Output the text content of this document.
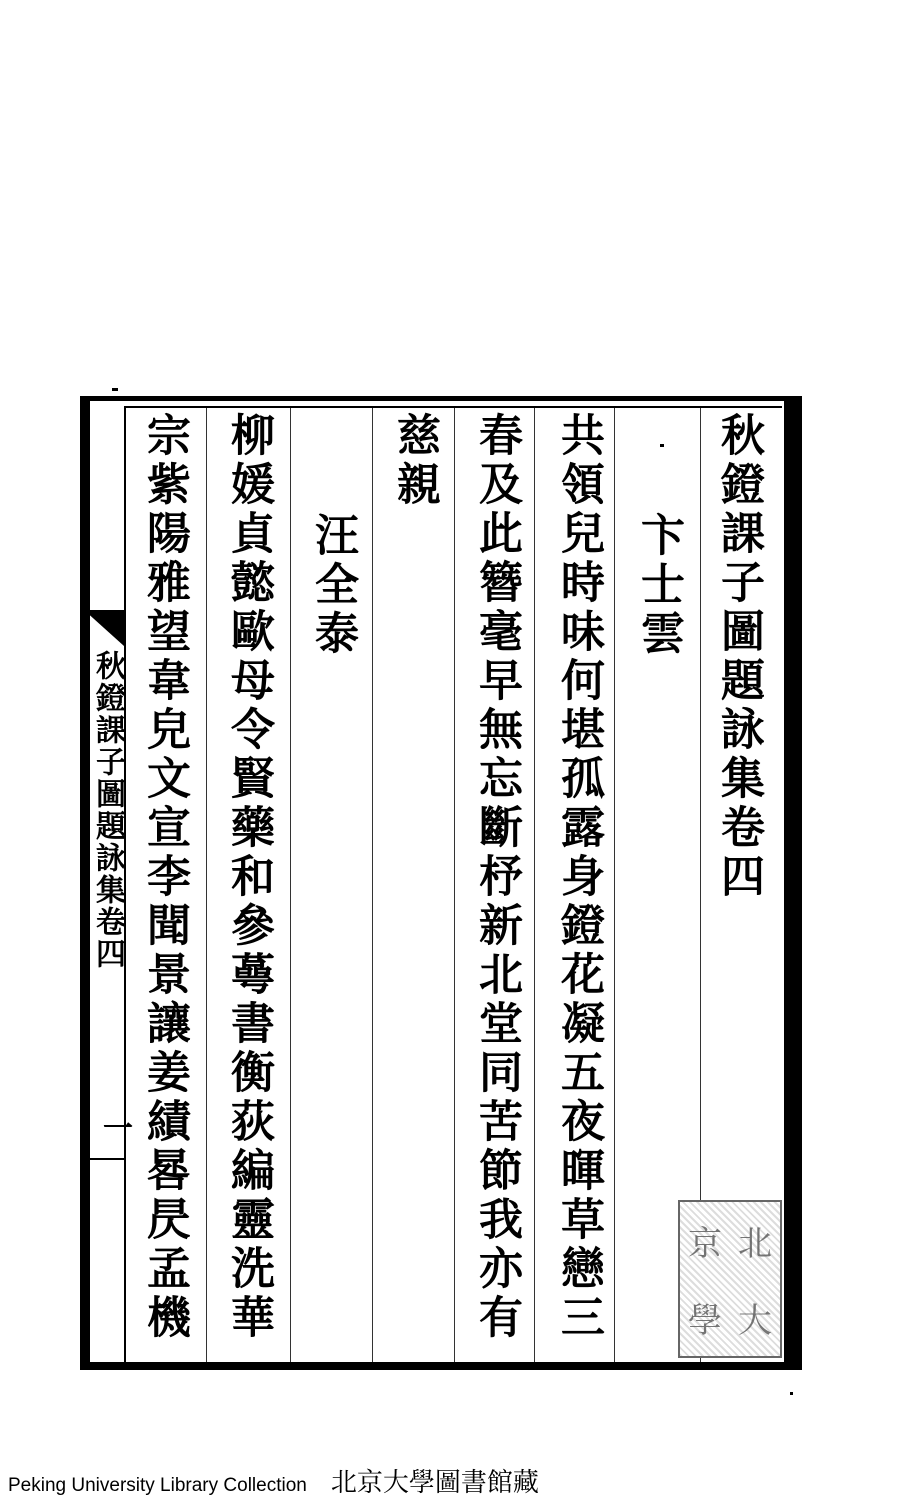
秋鐙課子圖題詠集卷四
一
秋鐙課子圖題詠集卷四
卞士雲
共領兒時味何堪孤露身鐙花凝五夜暉草戀三
春及此簪毫早無忘斷杼新北堂同苦節我亦有
慈親
汪全泰
柳媛貞懿歐母令賢藥和參蕚書衡荻編靈洗華
宗紫陽雅望韋皃文宣李聞景讓姜績晷昃孟機	京 北
學 大
Peking University Library Collection 北京大學圖書館藏
